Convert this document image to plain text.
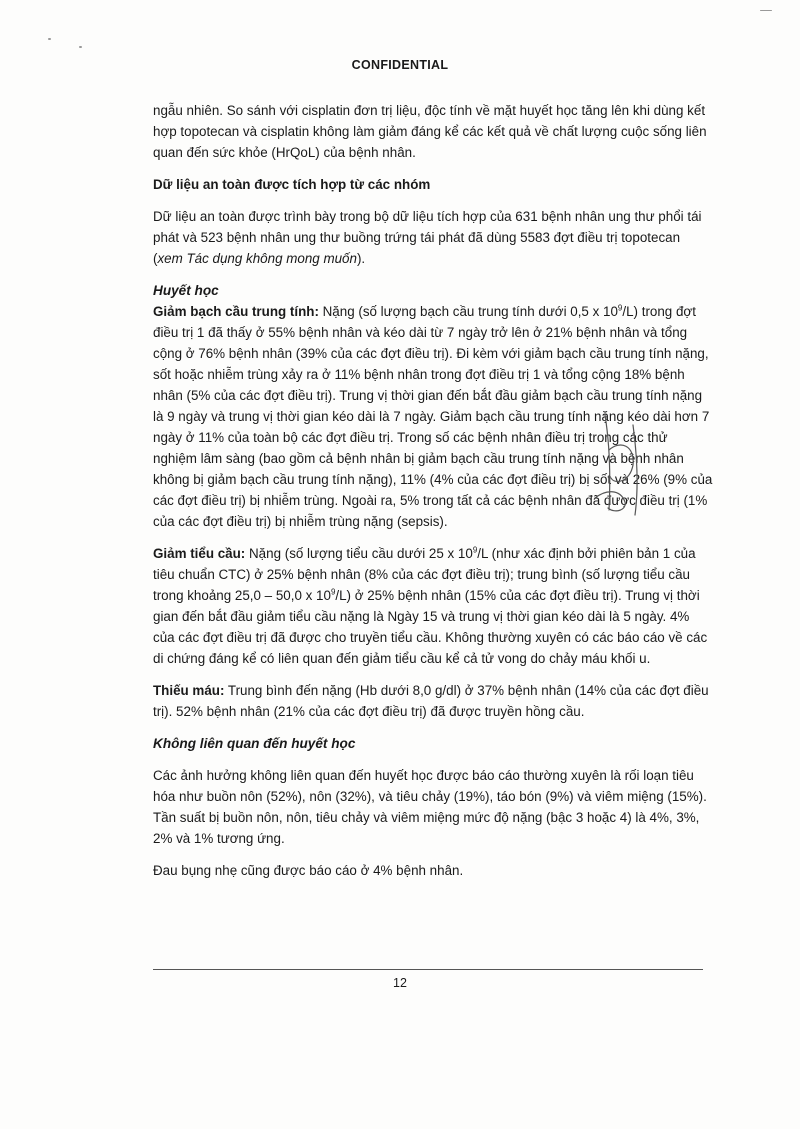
CONFIDENTIAL

ngẫu nhiên. So sánh với cisplatin đơn trị liệu, độc tính về mặt huyết học tăng lên khi dùng kết hợp topotecan và cisplatin không làm giảm đáng kể các kết quả về chất lượng cuộc sống liên quan đến sức khỏe (HrQoL) của bệnh nhân.

Dữ liệu an toàn được tích hợp từ các nhóm

Dữ liệu an toàn được trình bày trong bộ dữ liệu tích hợp của 631 bệnh nhân ung thư phổi tái phát và 523 bệnh nhân ung thư buồng trứng tái phát đã dùng 5583 đợt điều trị topotecan (xem Tác dụng không mong muốn).

Huyết học

Giảm bạch cầu trung tính: Nặng (số lượng bạch cầu trung tính dưới 0,5 x $10^9/L$) trong đợt điều trị 1 đã thấy ở 55% bệnh nhân và kéo dài từ 7 ngày trở lên ở 21% bệnh nhân và tổng cộng ở 76% bệnh nhân (39% của các đợt điều trị). Đi kèm với giảm bạch cầu trung tính nặng, sốt hoặc nhiễm trùng xảy ra ở 11% bệnh nhân trong đợt điều trị 1 và tổng cộng 18% bệnh nhân (5% của các đợt điều trị). Trung vị thời gian đến bắt đầu giảm bạch cầu trung tính nặng là 9 ngày và trung vị thời gian kéo dài là 7 ngày. Giảm bạch cầu trung tính nặng kéo dài hơn 7 ngày ở 11% của toàn bộ các đợt điều trị. Trong số các bệnh nhân điều trị trong các thử nghiệm lâm sàng (bao gồm cả bệnh nhân bị giảm bạch cầu trung tính nặng và bệnh nhân không bị giảm bạch cầu trung tính nặng), 11% (4% của các đợt điều trị) bị sốt và 26% (9% của các đợt điều trị) bị nhiễm trùng. Ngoài ra, 5% trong tất cả các bệnh nhân đã được điều trị (1% của các đợt điều trị) bị nhiễm trùng nặng (sepsis).

Giảm tiểu cầu: Nặng (số lượng tiểu cầu dưới 25 x $10^9/L$ (như xác định bởi phiên bản 1 của tiêu chuẩn CTC) ở 25% bệnh nhân (8% của các đợt điều trị); trung bình (số lượng tiểu cầu trong khoảng 25,0 – 50,0 x $10^9/L$) ở 25% bệnh nhân (15% của các đợt điều trị). Trung vị thời gian đến bắt đầu giảm tiểu cầu nặng là Ngày 15 và trung vị thời gian kéo dài là 5 ngày. 4% của các đợt điều trị đã được cho truyền tiểu cầu. Không thường xuyên có các báo cáo về các di chứng đáng kể có liên quan đến giảm tiểu cầu kể cả tử vong do chảy máu khối u.

Thiếu máu: Trung bình đến nặng (Hb dưới 8,0 g/dl) ở 37% bệnh nhân (14% của các đợt điều trị). 52% bệnh nhân (21% của các đợt điều trị) đã được truyền hồng cầu.

Không liên quan đến huyết học

Các ảnh hưởng không liên quan đến huyết học được báo cáo thường xuyên là rối loạn tiêu hóa như buồn nôn (52%), nôn (32%), và tiêu chảy (19%), táo bón (9%) và viêm miệng (15%). Tần suất bị buồn nôn, nôn, tiêu chảy và viêm miệng mức độ nặng (bậc 3 hoặc 4) là 4%, 3%, 2% và 1% tương ứng.

Đau bụng nhẹ cũng được báo cáo ở 4% bệnh nhân.

12
